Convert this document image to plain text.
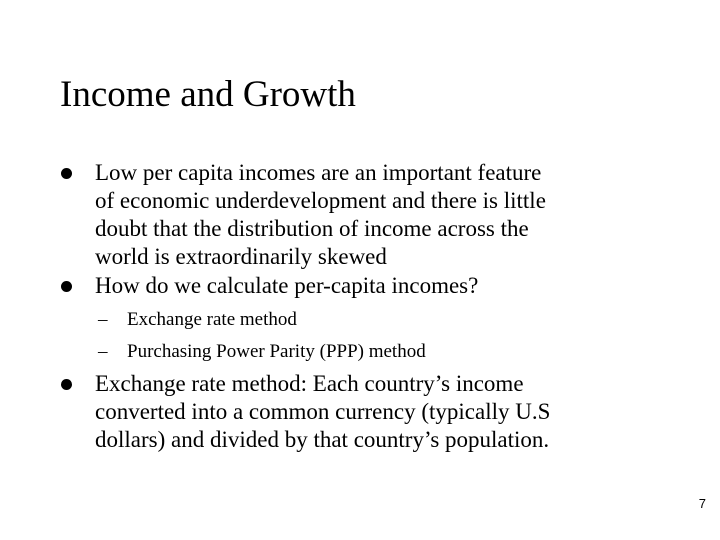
Income and Growth
Low per capita incomes are an important feature
of economic underdevelopment and there is little
doubt that the distribution of income across the
world is extraordinarily skewed
How do we calculate per-capita incomes?
– Exchange rate method
– Purchasing Power Parity (PPP) method
Exchange rate method: Each country’s income
converted into a common currency (typically U.S
dollars) and divided by that country’s population.
7
